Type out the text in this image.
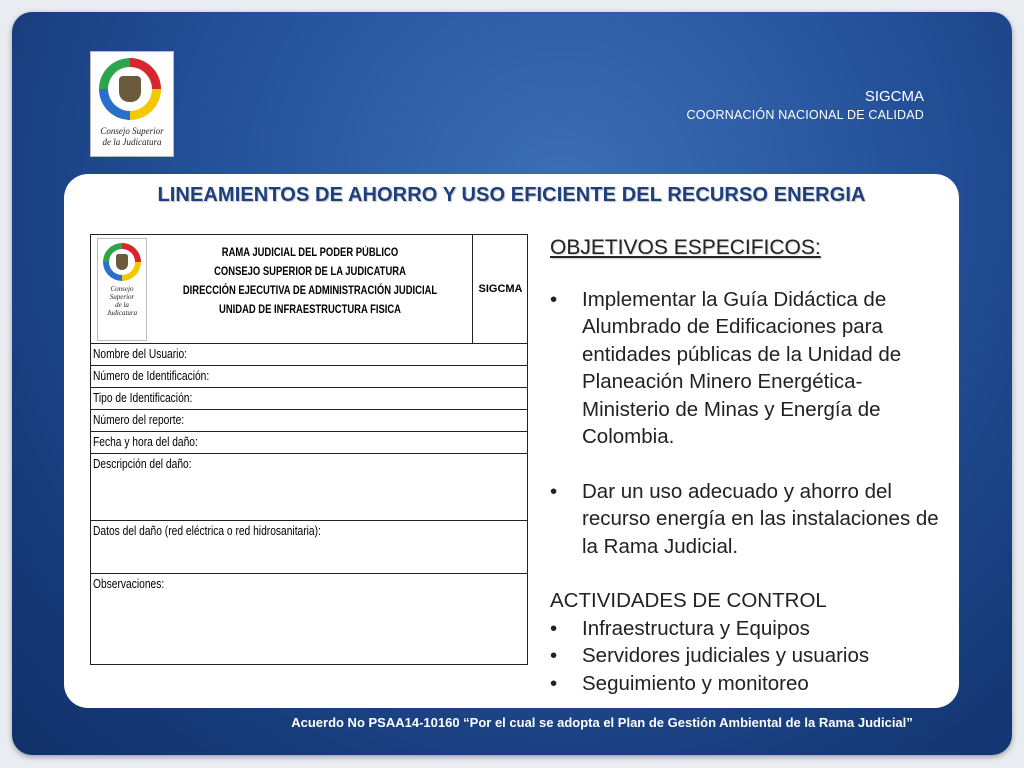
Consejo Superior
de la Judicatura
SIGCMA
COORNACIÓN NACIONAL DE CALIDAD
LINEAMIENTOS DE AHORRO Y USO EFICIENTE DEL RECURSO ENERGIA
Consejo Superior
de la Judicatura
RAMA JUDICIAL DEL PODER PÚBLICO
CONSEJO SUPERIOR DE LA JUDICATURA
DIRECCIÓN EJECUTIVA DE ADMINISTRACIÓN JUDICIAL
UNIDAD DE INFRAESTRUCTURA FISICA
SIGCMA
Nombre del Usuario:
Número de Identificación:
Tipo de Identificación:
Número del reporte:
Fecha y hora del daño:
Descripción del daño:
Datos del daño (red eléctrica o red hidrosanitaria):
Observaciones:
OBJETIVOS ESPECIFICOS:
• Implementar la Guía Didáctica de Alumbrado de Edificaciones para entidades públicas de la Unidad de Planeación Minero Energética- Ministerio de Minas y Energía de Colombia.
• Dar un uso adecuado y ahorro del recurso energía en las instalaciones de la Rama Judicial.
ACTIVIDADES DE CONTROL
• Infraestructura y Equipos
• Servidores judiciales y usuarios
• Seguimiento y monitoreo
Acuerdo No PSAA14-10160 “Por el cual se adopta el Plan de Gestión Ambiental de la Rama Judicial”
